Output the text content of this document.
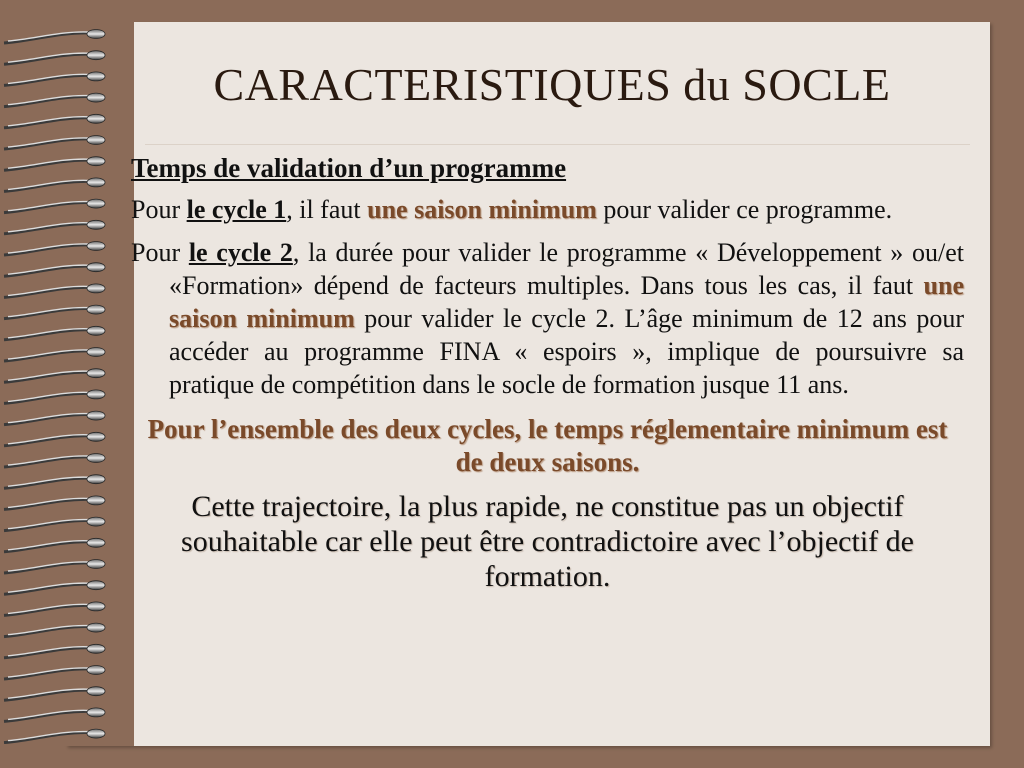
CARACTERISTIQUES du SOCLE

Temps de validation d’un programme

Pour le cycle 1, il faut une saison minimum pour valider ce programme.

Pour le cycle 2, la durée pour valider le programme « Développement » ou/et «Formation» dépend de facteurs multiples. Dans tous les cas, il faut une saison minimum pour valider le cycle 2. L’âge minimum de 12 ans pour accéder au programme FINA « espoirs », implique de poursuivre sa pratique de compétition dans le socle de formation jusque 11 ans.

Pour l’ensemble des deux cycles, le temps réglementaire minimum est de deux saisons.

Cette trajectoire, la plus rapide, ne constitue pas un objectif souhaitable car elle peut être contradictoire avec l’objectif de formation.
